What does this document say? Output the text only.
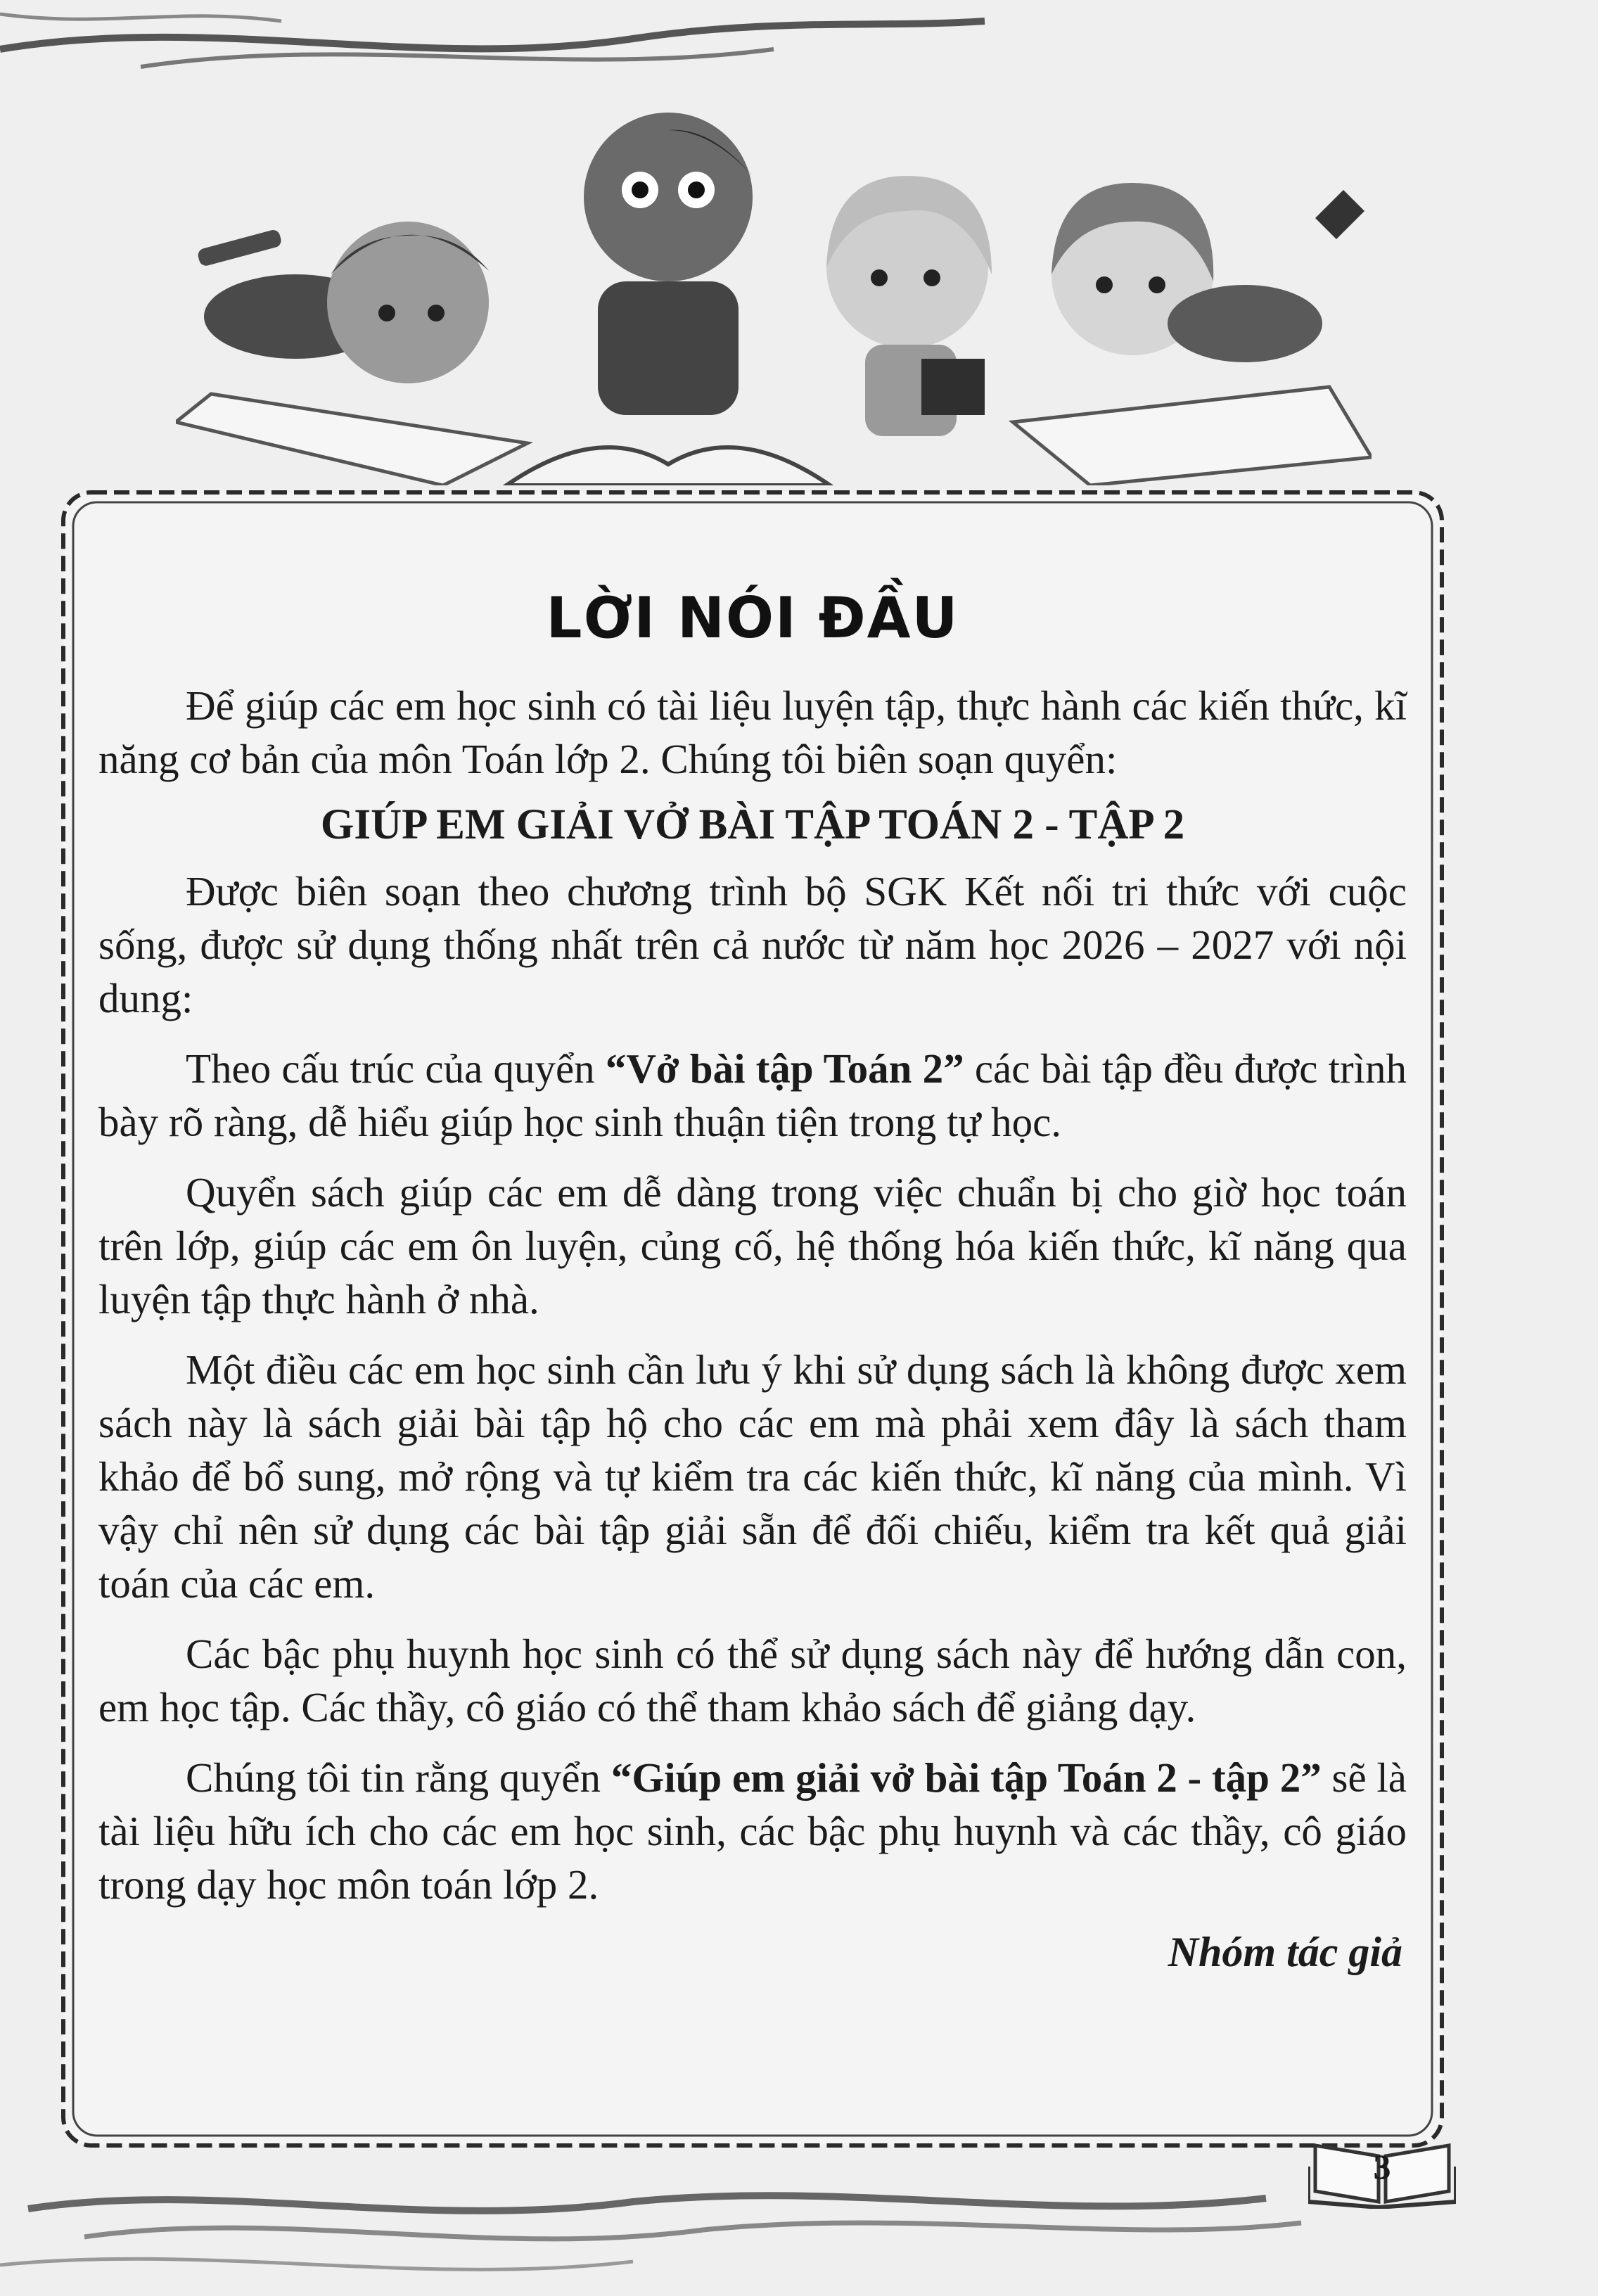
LỜI NÓI ĐẦU

Để giúp các em học sinh có tài liệu luyện tập, thực hành các kiến thức, kĩ năng cơ bản của môn Toán lớp 2. Chúng tôi biên soạn quyển:

GIÚP EM GIẢI VỞ BÀI TẬP TOÁN 2 - TẬP 2

Được biên soạn theo chương trình bộ SGK Kết nối tri thức với cuộc sống, được sử dụng thống nhất trên cả nước từ năm học 2026 – 2027 với nội dung:

Theo cấu trúc của quyển “Vở bài tập Toán 2” các bài tập đều được trình bày rõ ràng, dễ hiểu giúp học sinh thuận tiện trong tự học.

Quyển sách giúp các em dễ dàng trong việc chuẩn bị cho giờ học toán trên lớp, giúp các em ôn luyện, củng cố, hệ thống hóa kiến thức, kĩ năng qua luyện tập thực hành ở nhà.

Một điều các em học sinh cần lưu ý khi sử dụng sách là không được xem sách này là sách giải bài tập hộ cho các em mà phải xem đây là sách tham khảo để bổ sung, mở rộng và tự kiểm tra các kiến thức, kĩ năng của mình. Vì vậy chỉ nên sử dụng các bài tập giải sẵn để đối chiếu, kiểm tra kết quả giải toán của các em.

Các bậc phụ huynh học sinh có thể sử dụng sách này để hướng dẫn con, em học tập. Các thầy, cô giáo có thể tham khảo sách để giảng dạy.

Chúng tôi tin rằng quyển “Giúp em giải vở bài tập Toán 2 - tập 2” sẽ là tài liệu hữu ích cho các em học sinh, các bậc phụ huynh và các thầy, cô giáo trong dạy học môn toán lớp 2.

Nhóm tác giả
3
